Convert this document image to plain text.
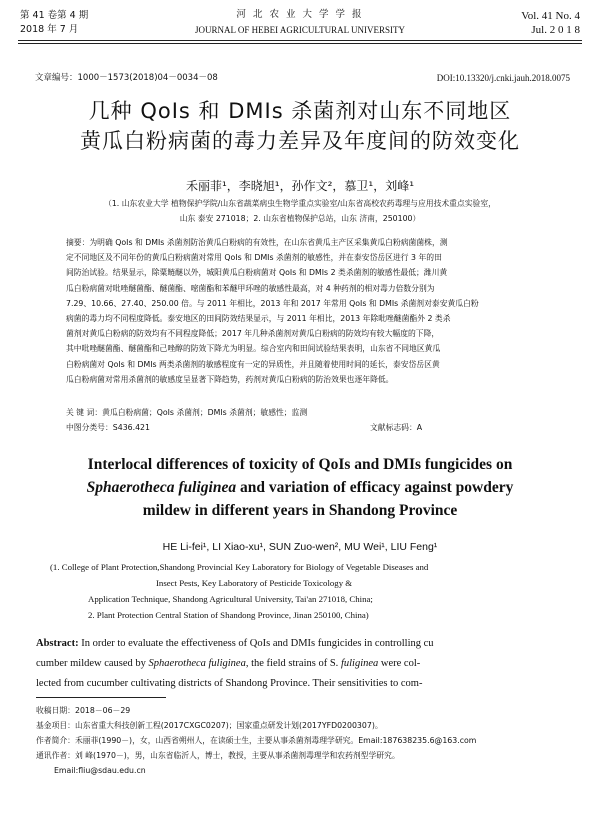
第 41 卷第 4 期
2018 年 7 月
河 北 农 业 大 学 学 报
JOURNAL OF HEBEI AGRICULTURAL UNIVERSITY
Vol. 41 No. 4
Jul. 2 0 1 8
文章编号：1000－1573(2018)04－0034－08	DOI:10.13320/j.cnki.jauh.2018.0075
几种 QoIs 和 DMIs 杀菌剂对山东不同地区
黄瓜白粉病菌的毒力差异及年度间的防效变化
禾丽菲¹，李晓旭¹，孙作文²，慕卫¹，刘峰¹
（1. 山东农业大学 植物保护学院/山东省蔬菜病虫生物学重点实验室/山东省高校农药毒理与应用技术重点实验室，
山东 泰安 271018；2. 山东省植物保护总站，山东 济南，250100）
摘要：为明确 QoIs 和 DMIs 杀菌剂防治黄瓜白粉病的有效性，在山东省黄瓜主产区采集黄瓜白粉病菌菌株，测
定不同地区及不同年份的黄瓜白粉病菌对常用 QoIs 和 DMIs 杀菌剂的敏感性，并在泰安岱岳区进行 3 年的田
间防治试验。结果显示，除粟鲢醚以外，城阳黄瓜白粉病菌对 QoIs 和 DMIs 2 类杀菌剂的敏感性最低；潍川黄
瓜白粉病菌对吡唑醚菌酯、醚菌酯、嘧菌酯和苯醚甲环唑的敏感性最高，对 4 种药剂的相对毒力倍数分别为
7.29、10.66、27.40、250.00 倍。与 2011 年相比，2013 年和 2017 年常用 QoIs 和 DMIs 杀菌剂对泰安黄瓜白粉
病菌的毒力均不同程度降低。泰安地区的田间防效结果显示，与 2011 年相比，2013 年除吡唑醚菌酯外 2 类杀
菌剂对黄瓜白粉病的防效均有不同程度降低；2017 年几种杀菌剂对黄瓜白粉病的防效均有较大幅度的下降，
其中吡唑醚菌酯、醚菌酯和己唑醇的防效下降尤为明显。综合室内和田间试验结果表明，山东省不同地区黄瓜
白粉病菌对 QoIs 和 DMIs 两类杀菌剂的敏感程度有一定的异质性，并且随着使用时间的延长，泰安岱岳区黄
瓜白粉病菌对常用杀菌剂的敏感度呈显著下降趋势，药剂对黄瓜白粉病的防治效果也逐年降低。
关 键 词：黄瓜白粉病菌；QoIs 杀菌剂；DMIs 杀菌剂；敏感性；监测
中图分类号：S436.421	文献标志码：A
Interlocal differences of toxicity of QoIs and DMIs fungicides on
Sphaerotheca fuliginea and variation of efficacy against powdery
mildew in different years in Shandong Province
HE Li-fei¹, LI Xiao-xu¹, SUN Zuo-wen², MU Wei¹, LIU Feng¹
(1. College of Plant Protection,Shandong Provincial Key Laboratory for Biology of Vegetable Diseases and
Insect Pests, Key Laboratory of Pesticide Toxicology &
Application Technique, Shandong Agricultural University, Tai'an 271018, China;
2. Plant Protection Central Station of Shandong Province, Jinan 250100, China)
Abstract: In order to evaluate the effectiveness of QoIs and DMIs fungicides in controlling cu
cumber mildew caused by Sphaerotheca fuliginea, the field strains of S. fuliginea were col-
lected from cucumber cultivating districts of Shandong Province. Their sensitivities to com-
收稿日期：2018－06－29
基金项目：山东省重大科技创新工程(2017CXGC0207)；国家重点研发计划(2017YFD0200307)。
作者简介：禾丽菲(1990－)，女，山西省朔州人，在读硕士生，主要从事杀菌剂毒理学研究。Email:187638235.6@163.com
通讯作者：刘 峰(1970－)，男，山东省临沂人，博士，教授，主要从事杀菌剂毒理学和农药剂型学研究。
Email:fliu@sdau.edu.cn
